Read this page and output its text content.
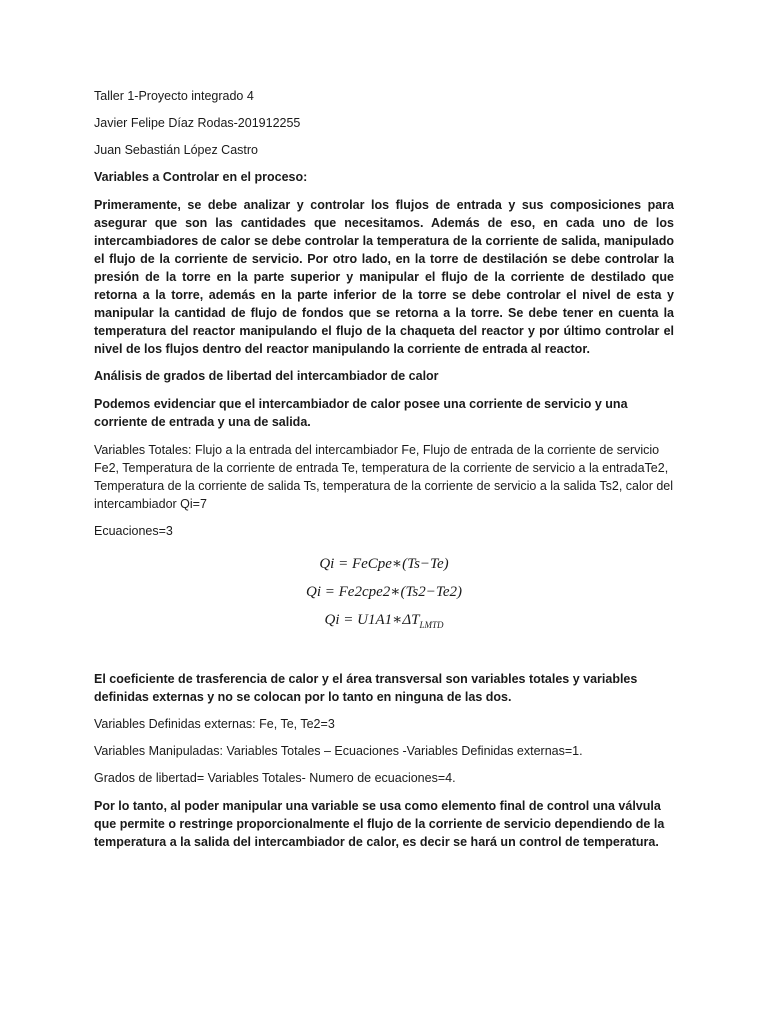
Taller 1-Proyecto integrado 4

Javier Felipe Díaz Rodas-201912255

Juan Sebastián López Castro

Variables a Controlar en el proceso:

Primeramente, se debe analizar y controlar los flujos de entrada y sus composiciones para asegurar que son las cantidades que necesitamos. Además de eso, en cada uno de los intercambiadores de calor se debe controlar la temperatura de la corriente de salida, manipulado el flujo de la corriente de servicio. Por otro lado, en la torre de destilación se debe controlar la presión de la torre en la parte superior y manipular el flujo de la corriente de destilado que retorna a la torre, además en la parte inferior de la torre se debe controlar el nivel de esta y manipular la cantidad de flujo de fondos que se retorna a la torre. Se debe tener en cuenta la temperatura del reactor manipulando el flujo de la chaqueta del reactor y por último controlar el nivel de los flujos dentro del reactor manipulando la corriente de entrada al reactor.

Análisis de grados de libertad del intercambiador de calor

Podemos evidenciar que el intercambiador de calor posee una corriente de servicio y una corriente de entrada y una de salida.

Variables Totales: Flujo a la entrada del intercambiador Fe, Flujo de entrada de la corriente de servicio Fe2, Temperatura de la corriente de entrada Te, temperatura de la corriente de servicio a la entradaTe2, Temperatura de la corriente de salida Ts, temperatura de la corriente de servicio a la salida Ts2, calor del intercambiador Qi=7

Ecuaciones=3

Qi = FeCpe∗(Ts−Te)
Qi = Fe2cpe2∗(Ts2−Te2)
$Qi = U1A1∗\Delta T_{LMTD}$

El coeficiente de trasferencia de calor y el área transversal son variables totales y variables definidas externas y no se colocan por lo tanto en ninguna de las dos.

Variables Definidas externas: Fe, Te, Te2=3

Variables Manipuladas: Variables Totales – Ecuaciones -Variables Definidas externas=1.

Grados de libertad= Variables Totales- Numero de ecuaciones=4.

Por lo tanto, al poder manipular una variable se usa como elemento final de control una válvula que permite o restringe proporcionalmente el flujo de la corriente de servicio dependiendo de la temperatura a la salida del intercambiador de calor, es decir se hará un control de temperatura.
